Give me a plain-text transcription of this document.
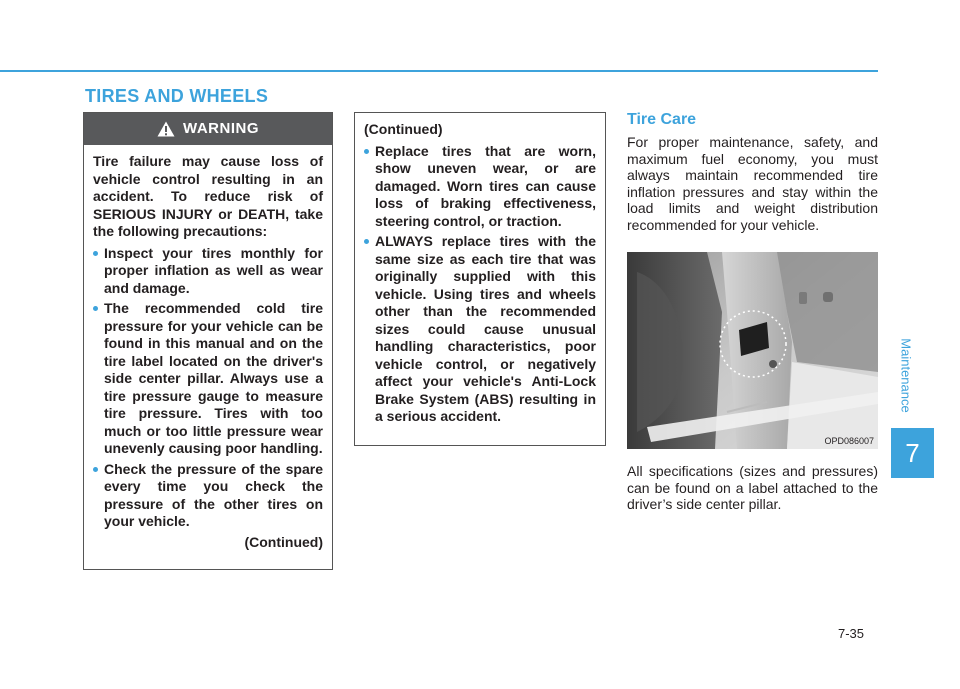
TIRES AND WHEELS
Maintenance
7
WARNING

Tire failure may cause loss of vehicle control resulting in an accident. To reduce risk of SERIOUS INJURY or DEATH, take the following precautions:

Inspect your tires monthly for proper inflation as well as wear and damage.
The recommended cold tire pressure for your vehicle can be found in this manual and on the tire label located on the driver's side center pillar. Always use a tire pressure gauge to measure tire pressure. Tires with too much or too little pressure wear unevenly causing poor handling.
Check the pressure of the spare every time you check the pressure of the other tires on your vehicle.
(Continued)

(Continued)

Replace tires that are worn, show uneven wear, or are damaged. Worn tires can cause loss of braking effectiveness, steering control, or traction.
ALWAYS replace tires with the same size as each tire that was originally supplied with this vehicle. Using tires and wheels other than the recommended sizes could cause unusual handling characteristics, poor vehicle control, or negatively affect your vehicle's Anti-Lock Brake System (ABS) resulting in a serious accident.
Tire Care

For proper maintenance, safety, and maximum fuel economy, you must always maintain recommended tire inflation pressures and stay within the load limits and weight distribution recommended for your vehicle.

OPD086007

All specifications (sizes and pressures) can be found on a label attached to the driver’s side center pillar.

7-35
